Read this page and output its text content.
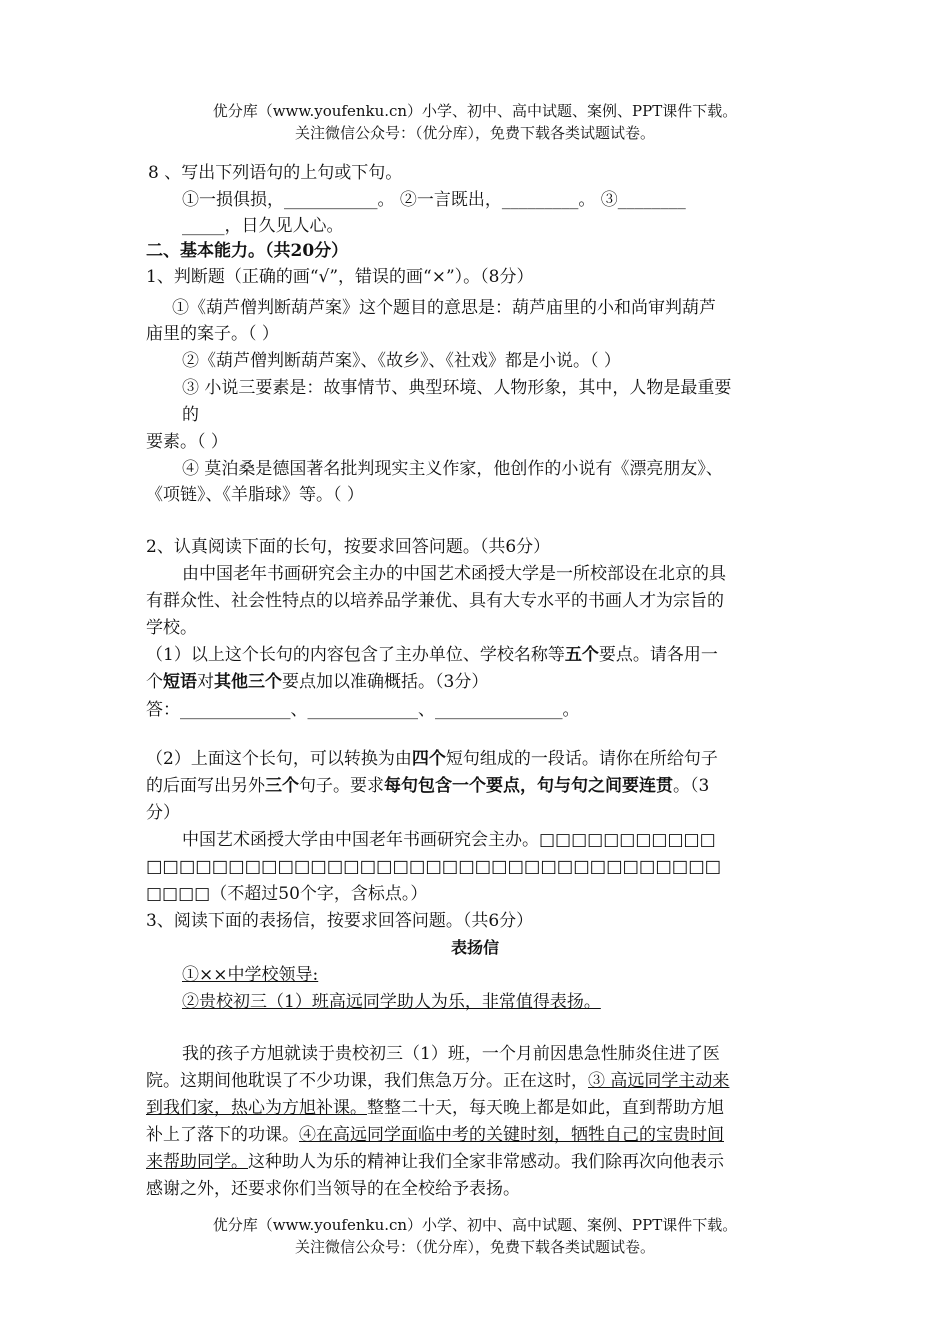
优分库（www.youfenku.cn）小学、初中、高中试题、案例、PPT课件下载。
关注微信公众号：（优分库），免费下载各类试题试卷。
8 、写出下列语句的上句或下句。
①一损俱损，___________。 ②一言既出，_________。 ③________
_____，日久见人心。
二、基本能力。（共20分）
1、判断题（正确的画“√”，错误的画“×”）。（8分）
①《葫芦僧判断葫芦案》这个题目的意思是：葫芦庙里的小和尚审判葫芦
庙里的案子。（ ）
②《葫芦僧判断葫芦案》、《故乡》、《社戏》都是小说。（ ）
③ 小说三要素是：故事情节、典型环境、人物形象，其中，人物是最重要
的
要素。（ ）
④ 莫泊桑是德国著名批判现实主义作家，他创作的小说有《漂亮朋友》、
《项链》、《羊脂球》等。（ ）
2、认真阅读下面的长句，按要求回答问题。（共6分）
由中国老年书画研究会主办的中国艺术函授大学是一所校部设在北京的具
有群众性、社会性特点的以培养品学兼优、具有大专水平的书画人才为宗旨的
学校。
（1）以上这个长句的内容包含了主办单位、学校名称等五个要点。请各用一
个短语对其他三个要点加以准确概括。（3分）
答：_____________、_____________、_______________。
（2）上面这个长句，可以转换为由四个短句组成的一段话。请你在所给句子
的后面写出另外三个句子。要求每句包含一个要点，句与句之间要连贯。（3
分）
中国艺术函授大学由中国老年书画研究会主办。□□□□□□□□□□□
□□□□□□□□□□□□□□□□□□□□□□□□□□□□□□□□□□□
□□□□（不超过50个字，含标点。）
3、阅读下面的表扬信，按要求回答问题。（共6分）
表扬信
①××中学校领导:
②贵校初三（1）班高远同学助人为乐，非常值得表扬。
我的孩子方旭就读于贵校初三（1）班，一个月前因患急性肺炎住进了医
院。这期间他耽误了不少功课，我们焦急万分。正在这时，③ 高远同学主动来
到我们家，热心为方旭补课。整整二十天，每天晚上都是如此，直到帮助方旭
补上了落下的功课。④在高远同学面临中考的关键时刻，牺牲自己的宝贵时间
来帮助同学。这种助人为乐的精神让我们全家非常感动。我们除再次向他表示
感谢之外，还要求你们当领导的在全校给予表扬。
优分库（www.youfenku.cn）小学、初中、高中试题、案例、PPT课件下载。
关注微信公众号：（优分库），免费下载各类试题试卷。
